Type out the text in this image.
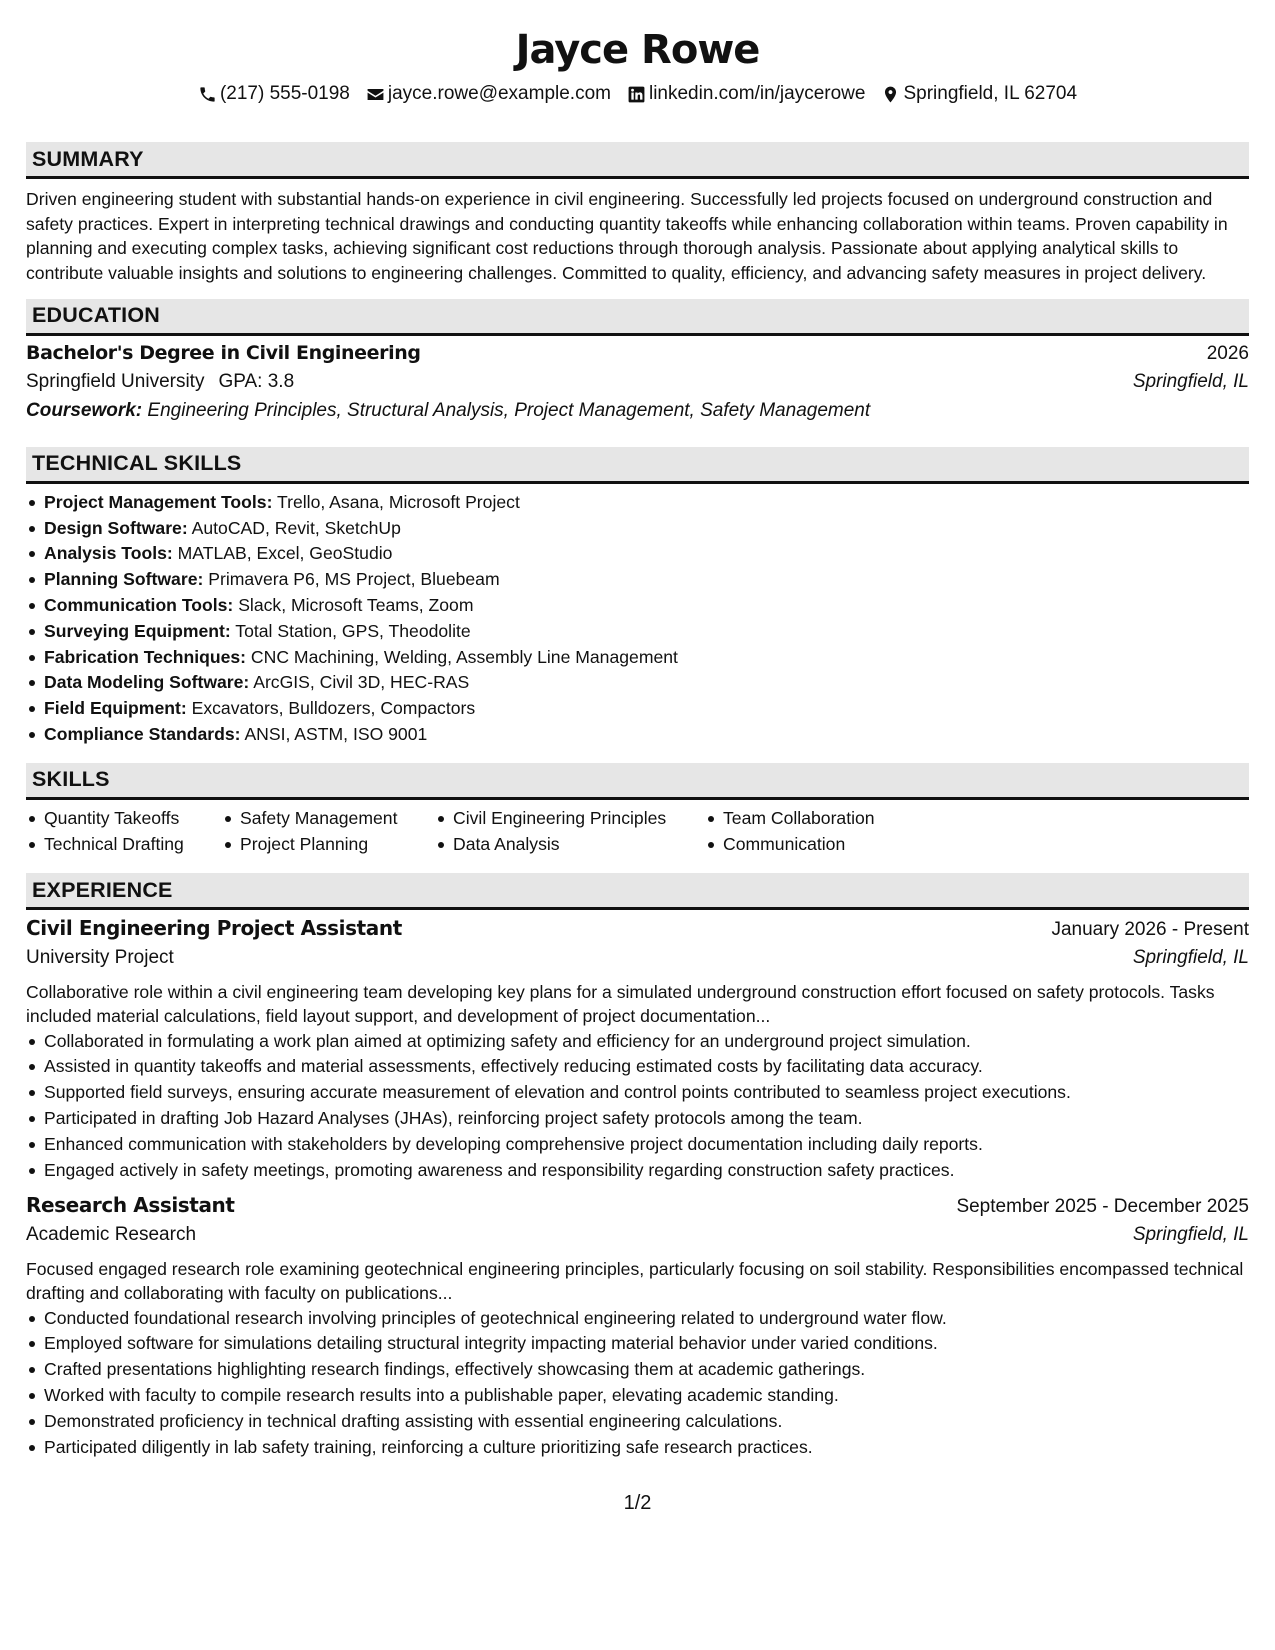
Jayce Rowe
(217) 555-0198 jayce.rowe@example.com linkedin.com/in/jaycerowe Springfield, IL 62704
SUMMARY

Driven engineering student with substantial hands-on experience in civil engineering. Successfully led projects focused on underground construction and safety practices. Expert in interpreting technical drawings and conducting quantity takeoffs while enhancing collaboration within teams. Proven capability in planning and executing complex tasks, achieving significant cost reductions through thorough analysis. Passionate about applying analytical skills to contribute valuable insights and solutions to engineering challenges. Committed to quality, efficiency, and advancing safety measures in project delivery.

EDUCATION
Bachelor's Degree in Civil Engineering	2026
Springfield University GPA: 3.8	Springfield, IL
Coursework: Engineering Principles, Structural Analysis, Project Management, Safety Management
TECHNICAL SKILLS
Project Management Tools: Trello, Asana, Microsoft Project
Design Software: AutoCAD, Revit, SketchUp
Analysis Tools: MATLAB, Excel, GeoStudio
Planning Software: Primavera P6, MS Project, Bluebeam
Communication Tools: Slack, Microsoft Teams, Zoom
Surveying Equipment: Total Station, GPS, Theodolite
Fabrication Techniques: CNC Machining, Welding, Assembly Line Management
Data Modeling Software: ArcGIS, Civil 3D, HEC-RAS
Field Equipment: Excavators, Bulldozers, Compactors
Compliance Standards: ANSI, ASTM, ISO 9001
SKILLS
Quantity Takeoffs
Technical Drafting
Safety Management
Project Planning
Civil Engineering Principles
Data Analysis
Team Collaboration
Communication
EXPERIENCE
Civil Engineering Project Assistant	January 2026 - Present
University Project	Springfield, IL

Collaborative role within a civil engineering team developing key plans for a simulated underground construction effort focused on safety protocols. Tasks included material calculations, field layout support, and development of project documentation...

Collaborated in formulating a work plan aimed at optimizing safety and efficiency for an underground project simulation.
Assisted in quantity takeoffs and material assessments, effectively reducing estimated costs by facilitating data accuracy.
Supported field surveys, ensuring accurate measurement of elevation and control points contributed to seamless project executions.
Participated in drafting Job Hazard Analyses (JHAs), reinforcing project safety protocols among the team.
Enhanced communication with stakeholders by developing comprehensive project documentation including daily reports.
Engaged actively in safety meetings, promoting awareness and responsibility regarding construction safety practices.
Research Assistant	September 2025 - December 2025
Academic Research	Springfield, IL

Focused engaged research role examining geotechnical engineering principles, particularly focusing on soil stability. Responsibilities encompassed technical drafting and collaborating with faculty on publications...

Conducted foundational research involving principles of geotechnical engineering related to underground water flow.
Employed software for simulations detailing structural integrity impacting material behavior under varied conditions.
Crafted presentations highlighting research findings, effectively showcasing them at academic gatherings.
Worked with faculty to compile research results into a publishable paper, elevating academic standing.
Demonstrated proficiency in technical drafting assisting with essential engineering calculations.
Participated diligently in lab safety training, reinforcing a culture prioritizing safe research practices.
1/2
